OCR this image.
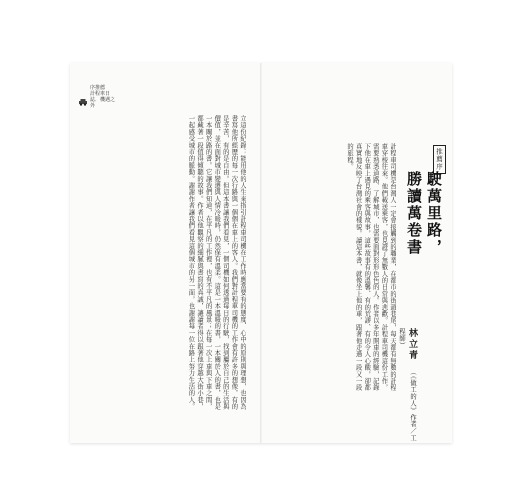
序推薦
計程車日誌．機遇之外
立這份紀錄：能用他的人生來指引計程車司機在工作時應當要有的態度、心中的原則與理想，也因為書寫他所經歷的每一次行路與一個個在車上的客人。我們對計程車司機的工作會有許多的想像，有的是辛苦，有的是自由。但這本書讓我們看見，一個司機如何透過每日的行駛，找到屬於自己的生活與價值，並在面對城市變遷與人情冷暖時，仍然保有溫柔。這是一本溫暖的書，一本關於人的書，也是一本關於路的書。它讓我們知道，在平凡的工作裡，也有不平凡的風景；在每一次上車與下車之間，都藏著一段值得傾聽的故事。作者以他觀察的細膩與書寫的真誠，讓讀者得以跟著他穿越大街小巷，一起感受城市的脈動。謝謝作者讓我們看見這個城市的另一面，也謝謝每一位在路上努力生活的人。	推薦序
駛萬里路，
勝讀萬卷書
林立青 （《做工的人》作者／工程師）
計程車司機是台灣人一定會接觸到的職業，在都市的街頭巷尾，每天都有無數的計程車穿梭往來。他們載送乘客，也見證了無數人的日常與悲歡。計程車司機這份工作，需要熟悉道路、了解城市，也需要面對形形色色的人。作者以多年開車的經驗，記錄下他在車上遇見的乘客與故事，這些故事有的溫馨、有的荒謬、有的令人心酸，卻都真實地反映了台灣社會的樣貌。讀這本書，就像坐上他的車，跟著他走過一段又一段的旅程。
